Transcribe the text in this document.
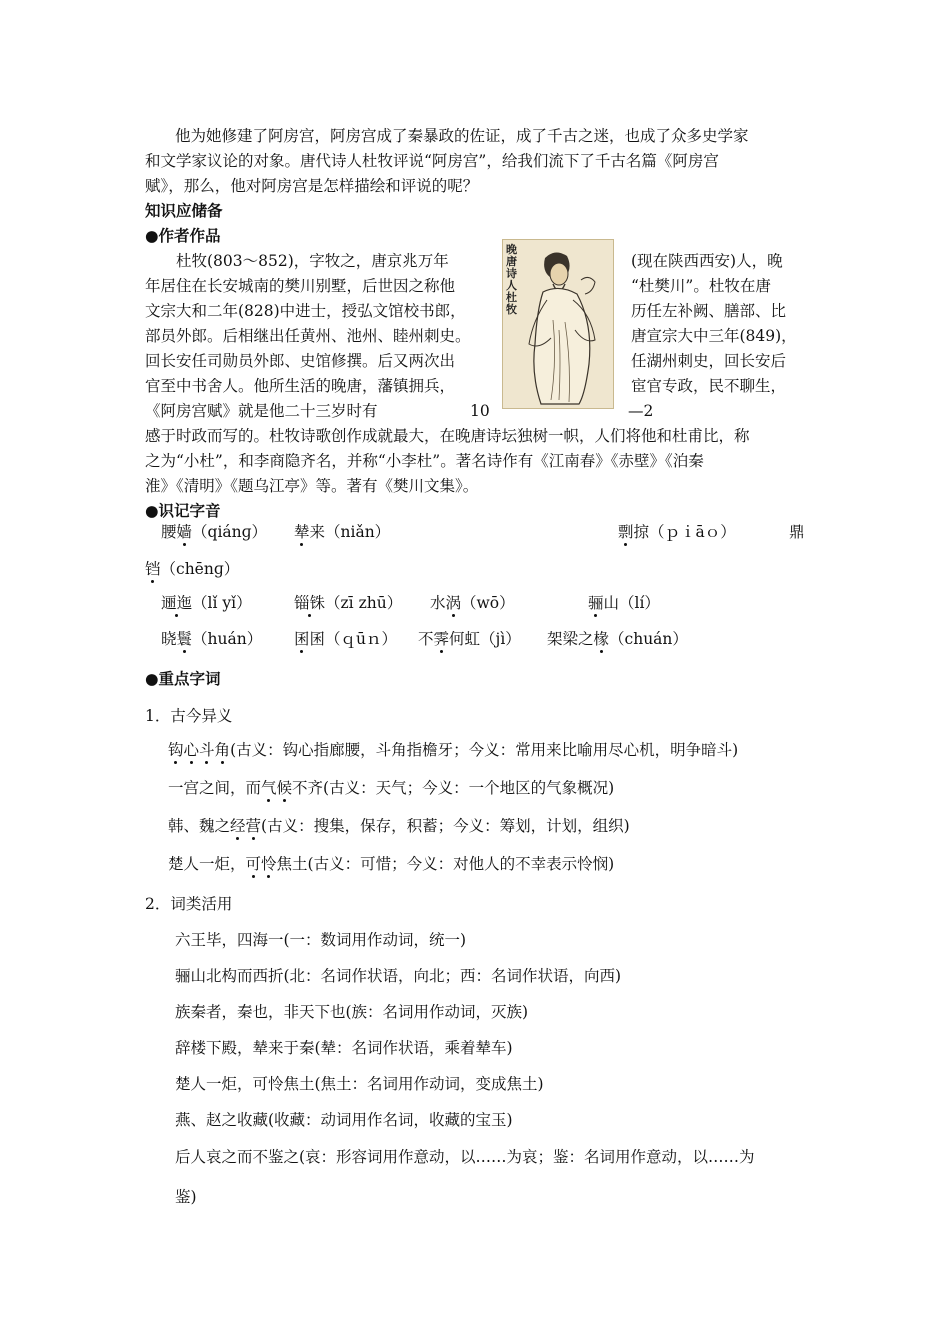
他为她修建了阿房宫，阿房宫成了秦暴政的佐证，成了千古之迷，也成了众多史学家
和文学家议论的对象。唐代诗人杜牧评说“阿房宫”，给我们流下了千古名篇《阿房宫
赋》，那么，他对阿房宫是怎样描绘和评说的呢？
知识应储备
●作者作品
杜牧(803～852)，字牧之，唐京兆万年
年居住在长安城南的樊川别墅，后世因之称他
文宗大和二年(828)中进士，授弘文馆校书郎，
部员外郎。后相继出任黄州、池州、睦州刺史。
回长安任司勋员外郎、史馆修撰。后又两次出
官至中书舍人。他所生活的晚唐，藩镇拥兵，
《阿房宫赋》就是他二十三岁时有	10
晚唐诗人杜牧
(现在陕西西安)人，晚
“杜樊川”。杜牧在唐
历任左补阙、膳部、比
唐宣宗大中三年(849)，
任湖州刺史，回长安后
宦官专政，民不聊生，
—2
感于时政而写的。杜牧诗歌创作成就最大，在晚唐诗坛独树一帜，人们将他和杜甫比，称
之为“小杜”，和李商隐齐名，并称“小李杜”。著名诗作有《江南春》《赤壁》《泊秦
淮》《清明》《题乌江亭》等。著有《樊川文集》。
●识记字音
腰嫱（qiánɡ） 辇来（niǎn）	剽掠（ｐｉāｏ）	鼎
铛（chēnɡ）
逦迤（lǐ yǐ）	锱铢（zī zhū） 水涡（wō）	骊山（lí）
晓鬟（huán） 囷囷（ｑūｎ） 不霁何虹（jì） 架梁之椽（chuán）
●重点字词
1．古今异义
钩心斗角(古义：钩心指廊腰，斗角指檐牙；今义：常用来比喻用尽心机，明争暗斗)
一宫之间，而气候不齐(古义：天气；今义：一个地区的气象概况)
韩、魏之经营(古义：搜集，保存，积蓄；今义：筹划，计划，组织)
楚人一炬，可怜焦土(古义：可惜；今义：对他人的不幸表示怜悯)
2．词类活用
六王毕，四海一(一：数词用作动词，统一)
骊山北构而西折(北：名词作状语，向北；西：名词作状语，向西)
族秦者，秦也，非天下也(族：名词用作动词，灭族)
辞楼下殿，辇来于秦(辇：名词作状语，乘着辇车)
楚人一炬，可怜焦土(焦土：名词用作动词，变成焦土)
燕、赵之收藏(收藏：动词用作名词，收藏的宝玉)
后人哀之而不鉴之(哀：形容词用作意动，以……为哀；鉴：名词用作意动，以……为
鉴)
